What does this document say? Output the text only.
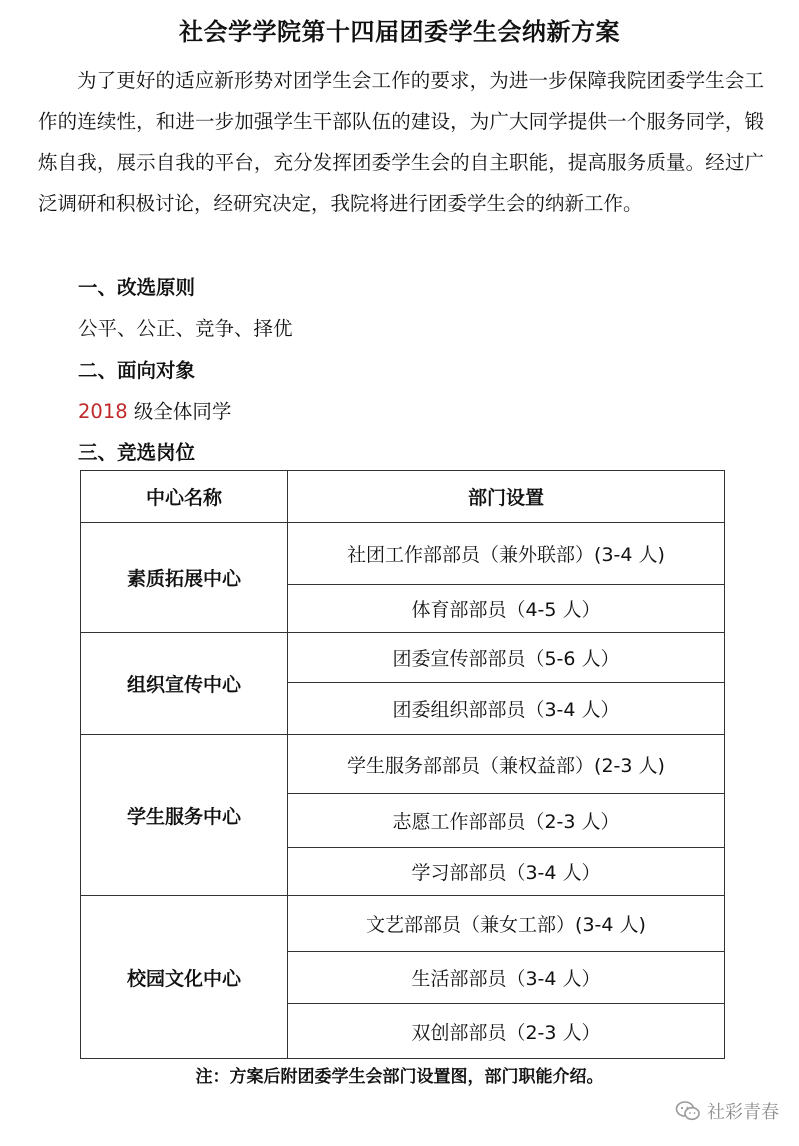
社会学学院第十四届团委学生会纳新方案

为了更好的适应新形势对团学生会工作的要求，为进一步保障我院团委学生会工作的连续性，和进一步加强学生干部队伍的建设，为广大同学提供一个服务同学，锻炼自我，展示自我的平台，充分发挥团委学生会的自主职能，提高服务质量。经过广泛调研和积极讨论，经研究决定，我院将进行团委学生会的纳新工作。

一、改选原则
公平、公正、竞争、择优
二、面向对象
2018 级全体同学
三、竞选岗位
中心名称	部门设置
素质拓展中心	社团工作部部员（兼外联部）(3-4 人)
	体育部部员（4-5 人）
组织宣传中心	团委宣传部部员（5-6 人）
	团委组织部部员（3-4 人）
学生服务中心	学生服务部部员（兼权益部）(2-3 人)
	志愿工作部部员（2-3 人）
	学习部部员（3-4 人）
校园文化中心	文艺部部员（兼女工部）(3-4 人)
	生活部部员（3-4 人）
	双创部部员（2-3 人）
注：方案后附团委学生会部门设置图，部门职能介绍。
社彩青春
